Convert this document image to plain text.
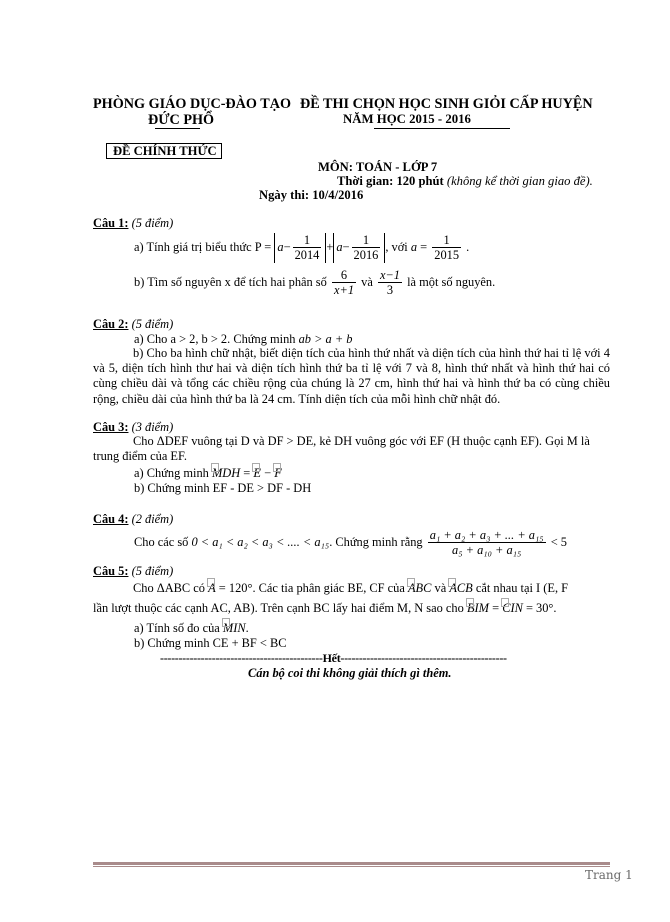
PHÒNG GIÁO DỤC-ĐÀO TẠO
ĐỨC PHỔ
ĐỀ THI CHỌN HỌC SINH GIỎI CẤP HUYỆN
NĂM HỌC 2015 - 2016
ĐỀ CHÍNH THỨC
MÔN: TOÁN - LỚP 7
Thời gian: 120 phút (không kể thời gian giao đề).
Ngày thi: 10/4/2016
Câu 1: (5 điểm)
a) Tính giá trị biểu thức $P = a- \frac{1}{2014} + a- \frac{1}{2016}$ , với $a = \frac{1}{2015}$ .
b) Tìm số nguyên x để tích hai phân số $\frac{6}{x+1}$ và $\frac{x-1}{3}$ là một số nguyên.
Câu 2: (5 điểm)
a) Cho a > 2, b > 2. Chứng minh ab > a + b
b) Cho ba hình chữ nhật, biết diện tích của hình thứ nhất và diện tích của hình thứ hai tỉ lệ với 4 và 5, diện tích hình thư hai và diện tích hình thứ ba tỉ lệ với 7 và 8, hình thứ nhất và hình thứ hai có cùng chiều dài và tổng các chiều rộng của chúng là 27 cm, hình thứ hai và hình thứ ba có cùng chiều rộng, chiều dài của hình thứ ba là 24 cm. Tính diện tích của mỗi hình chữ nhật đó.
Câu 3: (3 điểm)
Cho ΔDEF vuông tại D và DF > DE, kẻ DH vuông góc với EF (H thuộc cạnh EF). Gọi M là trung điểm của EF.
a) Chứng minh MDH = E − F
b) Chứng minh EF - DE > DF - DH
Câu 4: (2 điểm)
Cho các số 0 < a₁ < a₂ < a₃ < .... < a₁₅. Chứng minh rằng $\frac{\text{a₁ + a₂ + a₃ + ... + a₁₅}}{\text{a₅ + a₁₀ + a₁₅}} < 5$
Câu 5: (5 điểm)
Cho ΔABC có A = 120°. Các tia phân giác BE, CF của ABC và ACB cắt nhau tại I (E, F
lần lượt thuộc các cạnh AC, AB). Trên cạnh BC lấy hai điểm M, N sao cho BIM = CIN = 30°.
a) Tính số đo của MIN.
b) Chứng minh CE + BF < BC
--------------------------------------------Hết---------------------------------------------
Cán bộ coi thi không giải thích gì thêm.
Trang 1
